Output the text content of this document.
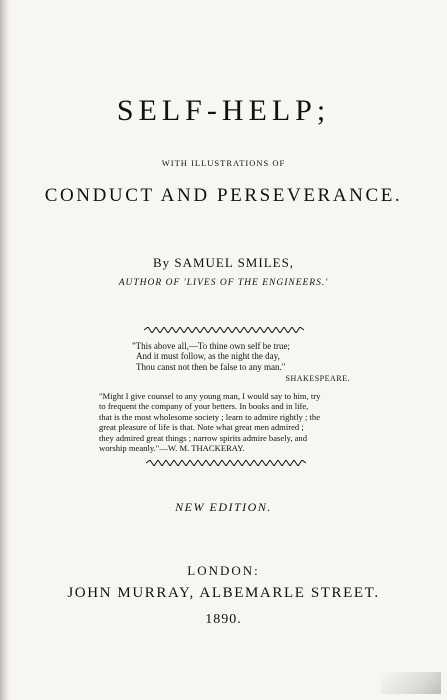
SELF-HELP;
WITH ILLUSTRATIONS OF
CONDUCT AND PERSEVERANCE.
By SAMUEL SMILES,
AUTHOR OF 'LIVES OF THE ENGINEERS.'
"This above all,—To thine own self be true;
And it must follow, as the night the day,
Thou canst not then be false to any man."
SHAKESPEARE.
"Might I give counsel to any young man, I would say to him, try
to frequent the company of your betters. In books and in life,
that is the most wholesome society ; learn to admire rightly ; the
great pleasure of life is that. Note what great men admired ;
they admired great things ; narrow spirits admire basely, and
worship meanly."—W. M. THACKERAY.
NEW EDITION.
LONDON:
JOHN MURRAY, ALBEMARLE STREET.
1890.
